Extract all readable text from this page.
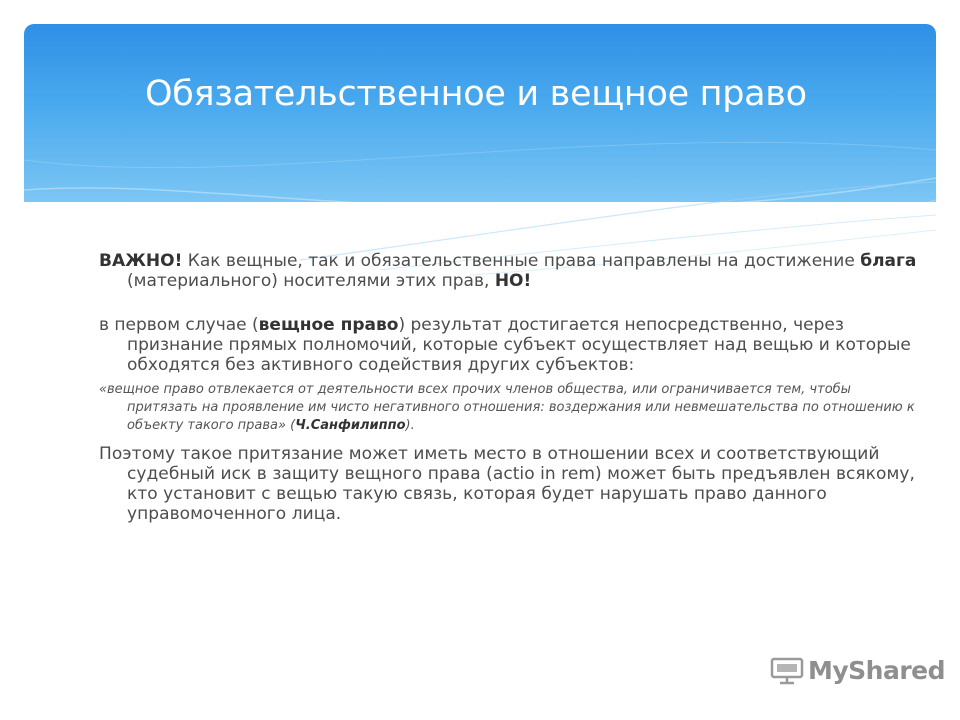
Обязательственное и вещное право

ВАЖНО! Как вещные, так и обязательственные права направлены на достижение блага (материального) носителями этих прав, НО!

в первом случае (вещное право) результат достигается непосредственно, через признание прямых полномочий, которые субъект осуществляет над вещью и которые обходятся без активного содействия других субъектов:

«вещное право отвлекается от деятельности всех прочих членов общества, или ограничивается тем, чтобы притязать на проявление им чисто негативного отношения: воздержания или невмешательства по отношению к объекту такого права» (Ч.Санфилиппо).

Поэтому такое притязание может иметь место в отношении всех и соответствующий судебный иск в защиту вещного права (actio in rem) может быть предъявлен всякому, кто установит с вещью такую связь, которая будет нарушать право данного управомоченного лица.

MyShared
